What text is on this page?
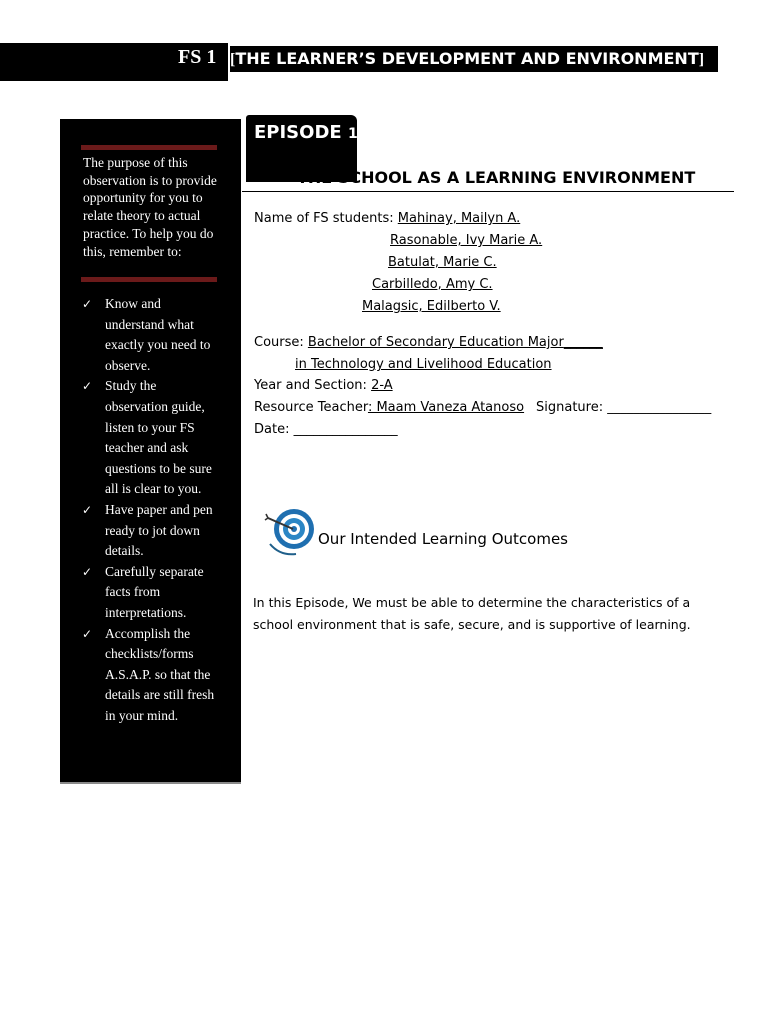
FS 1 [THE LEARNER’S DEVELOPMENT AND ENVIRONMENT]
The purpose of this observation is to provide opportunity for you to relate theory to actual practice. To help you do this, remember to:
✓ Know and understand what exactly you need to observe.
✓ Study the observation guide, listen to your FS teacher and ask questions to be sure all is clear to you.
✓ Have paper and pen ready to jot down details.
✓ Carefully separate facts from interpretations.
✓ Accomplish the checklists/forms A.S.A.P. so that the details are still fresh in your mind.
EPISODE 1
THE SCHOOL AS A LEARNING ENVIRONMENT
Name of FS students: Mahinay, Mailyn A.
Rasonable, Ivy Marie A.
Batulat, Marie C.
Carbilledo, Amy C.
Malagsic, Edilberto V.
Course: Bachelor of Secondary Education Major______
in Technology and Livelihood Education
Year and Section: 2-A
Resource Teacher: Maam Vaneza Atanoso Signature: ________________
Date: ________________
Our Intended Learning Outcomes
In this Episode, We must be able to determine the characteristics of a school environment that is safe, secure, and is supportive of learning.
